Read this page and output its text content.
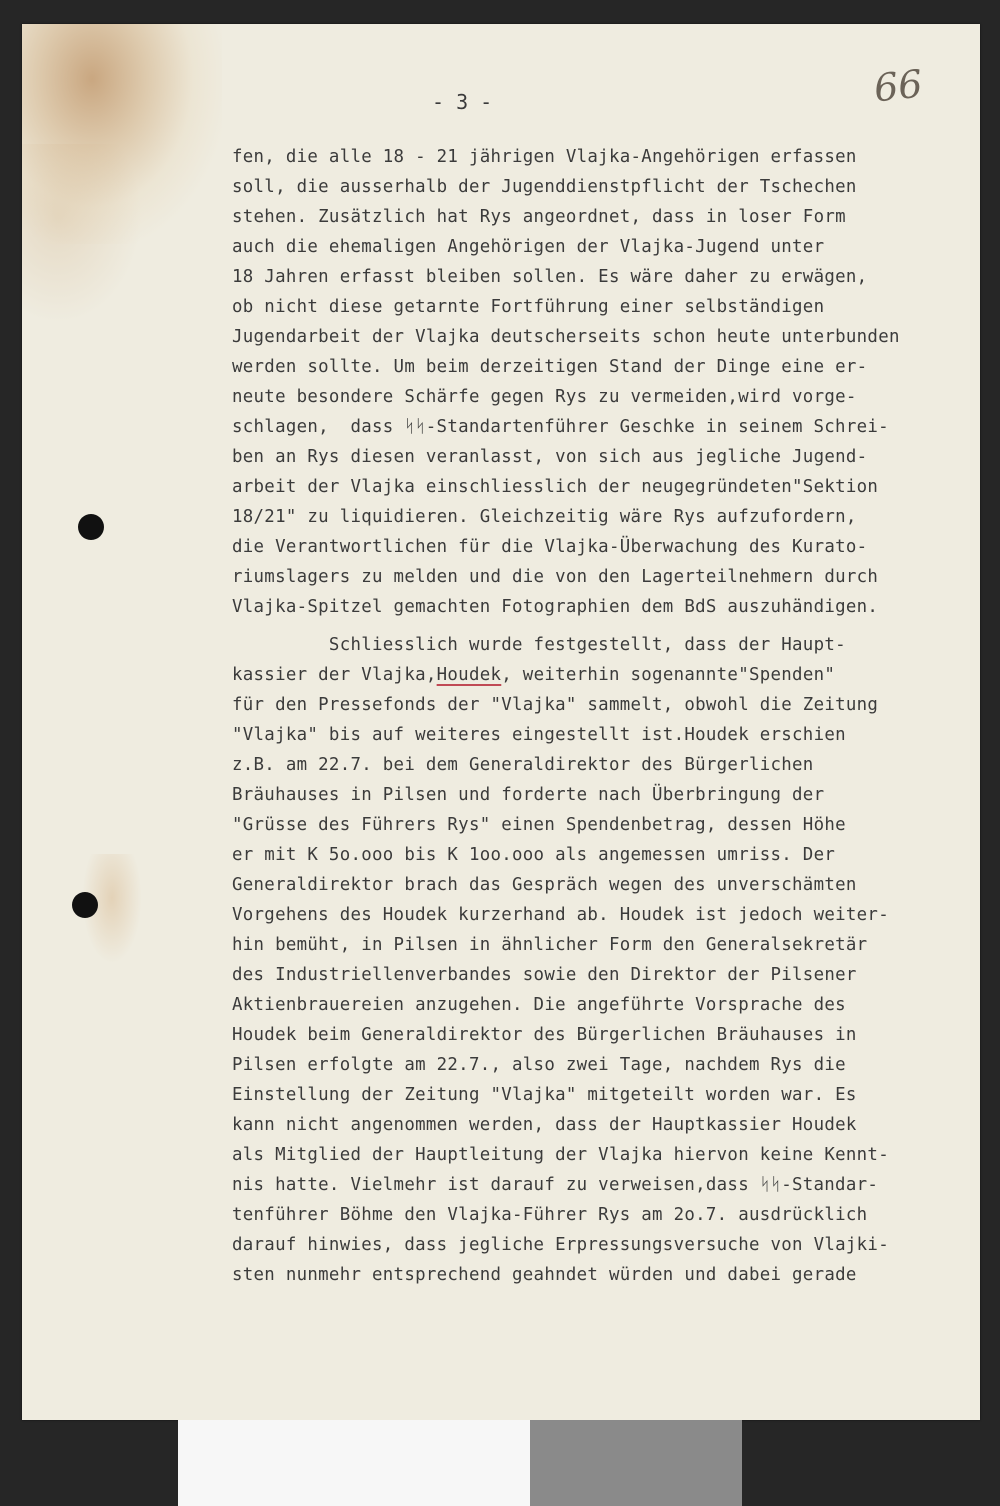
- 3 -	66
fen, die alle 18 - 21 jährigen Vlajka-Angehörigen erfassen
soll, die ausserhalb der Jugenddienstpflicht der Tschechen
stehen. Zusätzlich hat Rys angeordnet, dass in loser Form
auch die ehemaligen Angehörigen der Vlajka-Jugend unter
18 Jahren erfasst bleiben sollen. Es wäre daher zu erwägen,
ob nicht diese getarnte Fortführung einer selbständigen
Jugendarbeit der Vlajka deutscherseits schon heute unterbunden
werden sollte. Um beim derzeitigen Stand der Dinge eine er-
neute besondere Schärfe gegen Rys zu vermeiden,wird vorge-
schlagen,  dass ᛋᛋ-Standartenführer Geschke in seinem Schrei-
ben an Rys diesen veranlasst, von sich aus jegliche Jugend-
arbeit der Vlajka einschliesslich der neugegründeten"Sektion
18/21" zu liquidieren. Gleichzeitig wäre Rys aufzufordern,
die Verantwortlichen für die Vlajka-Überwachung des Kurato-
riumslagers zu melden und die von den Lagerteilnehmern durch
Vlajka-Spitzel gemachten Fotographien dem BdS auszuhändigen.
Schliesslich wurde festgestellt, dass der Haupt-
kassier der Vlajka,Houdek, weiterhin sogenannte"Spenden"
für den Pressefonds der "Vlajka" sammelt, obwohl die Zeitung
"Vlajka" bis auf weiteres eingestellt ist.Houdek erschien
z.B. am 22.7. bei dem Generaldirektor des Bürgerlichen
Bräuhauses in Pilsen und forderte nach Überbringung der
"Grüsse des Führers Rys" einen Spendenbetrag, dessen Höhe
er mit K 5o.ooo bis K 1oo.ooo als angemessen umriss. Der
Generaldirektor brach das Gespräch wegen des unverschämten
Vorgehens des Houdek kurzerhand ab. Houdek ist jedoch weiter-
hin bemüht, in Pilsen in ähnlicher Form den Generalsekretär
des Industriellenverbandes sowie den Direktor der Pilsener
Aktienbrauereien anzugehen. Die angeführte Vorsprache des
Houdek beim Generaldirektor des Bürgerlichen Bräuhauses in
Pilsen erfolgte am 22.7., also zwei Tage, nachdem Rys die
Einstellung der Zeitung "Vlajka" mitgeteilt worden war. Es
kann nicht angenommen werden, dass der Hauptkassier Houdek
als Mitglied der Hauptleitung der Vlajka hiervon keine Kennt-
nis hatte. Vielmehr ist darauf zu verweisen,dass ᛋᛋ-Standar-
tenführer Böhme den Vlajka-Führer Rys am 2o.7. ausdrücklich
darauf hinwies, dass jegliche Erpressungsversuche von Vlajki-
sten nunmehr entsprechend geahndet würden und dabei gerade
